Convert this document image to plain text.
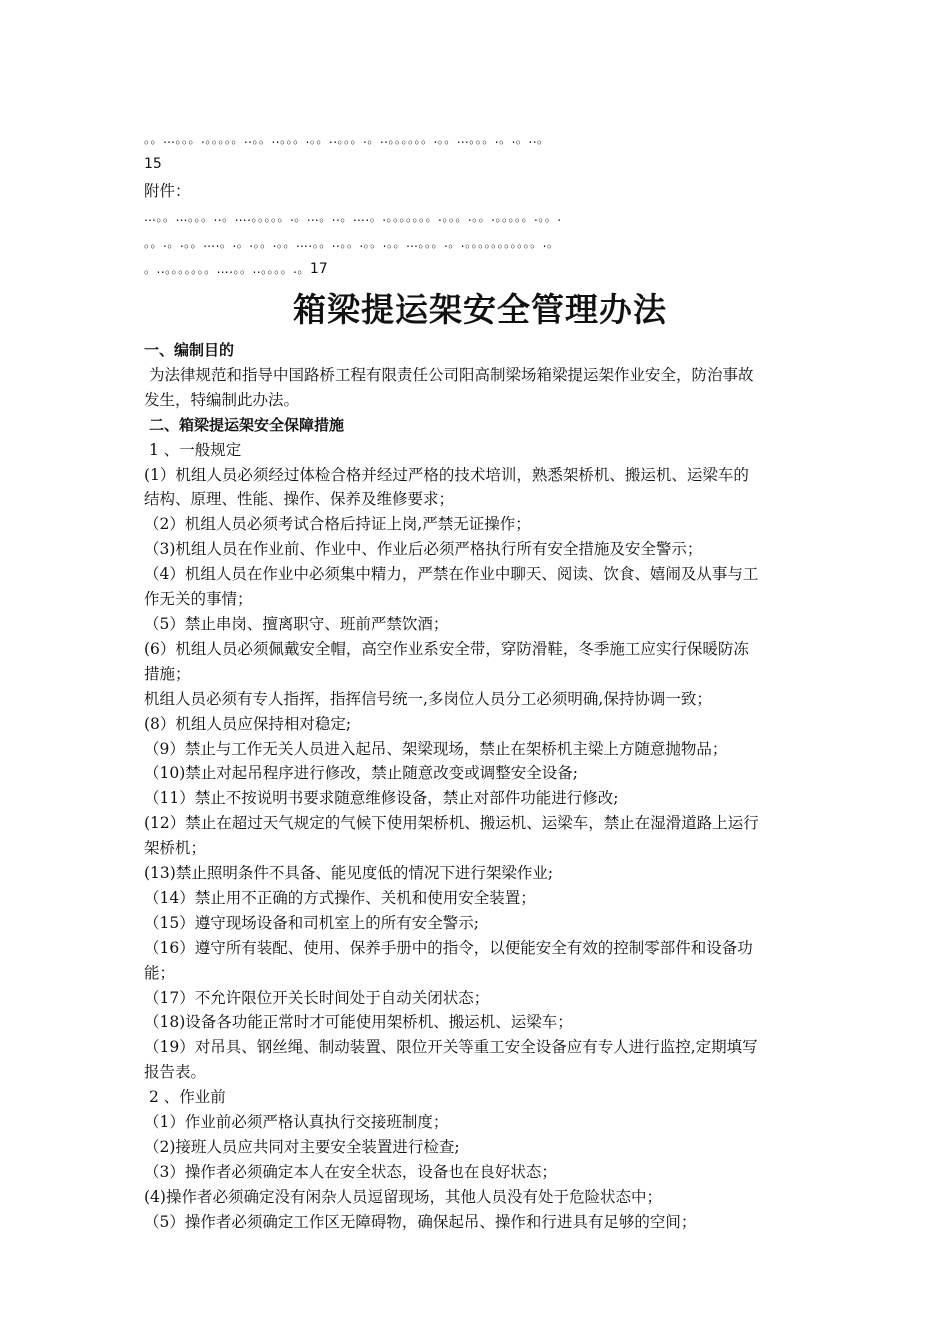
。。…。。。.。。。。。..。。..。。。.。。..。。。.。..。。。。。。.。。…。。。.。.。..。
15
附件：
…。。…。。。..。….。。。。。.。…。..。….。.。。。。。。。.。。。.。。.。。。。。.。。.
。。.。.。。….。.。.。。.。。….。。..。。.。。.。。…。。。.。.。。。。。。。。。。。.。
。..。。。。。。。….。。..。。。。.。17
箱梁提运架安全管理办法
一、编制目的
为法律规范和指导中国路桥工程有限责任公司阳高制梁场箱梁提运架作业安全，防治事故
发生，特编制此办法。
二、箱梁提运架安全保障措施
1 、一般规定
(1）机组人员必须经过体检合格并经过严格的技术培训，熟悉架桥机、搬运机、运梁车的
结构、原理、性能、操作、保养及维修要求；
（2）机组人员必须考试合格后持证上岗,严禁无证操作；
（3)机组人员在作业前、作业中、作业后必须严格执行所有安全措施及安全警示；
（4）机组人员在作业中必须集中精力，严禁在作业中聊天、阅读、饮食、嬉闹及从事与工
作无关的事情；
（5）禁止串岗、擅离职守、班前严禁饮酒；
(6）机组人员必须佩戴安全帽，高空作业系安全带，穿防滑鞋，冬季施工应实行保暖防冻
措施；
机组人员必须有专人指挥，指挥信号统一,多岗位人员分工必须明确,保持协调一致；
(8）机组人员应保持相对稳定;
（9）禁止与工作无关人员进入起吊、架梁现场，禁止在架桥机主梁上方随意抛物品；
（10)禁止对起吊程序进行修改，禁止随意改变或调整安全设备;
（11）禁止不按说明书要求随意维修设备，禁止对部件功能进行修改;
(12）禁止在超过天气规定的气候下使用架桥机、搬运机、运梁车，禁止在湿滑道路上运行
架桥机；
(13)禁止照明条件不具备、能见度低的情况下进行架梁作业;
（14）禁止用不正确的方式操作、关机和使用安全装置；
（15）遵守现场设备和司机室上的所有安全警示;
（16）遵守所有装配、使用、保养手册中的指令，以便能安全有效的控制零部件和设备功
能；
（17）不允许限位开关长时间处于自动关闭状态；
（18)设备各功能正常时才可能使用架桥机、搬运机、运梁车；
（19）对吊具、钢丝绳、制动装置、限位开关等重工安全设备应有专人进行监控,定期填写
报告表。
2 、作业前
（1）作业前必须严格认真执行交接班制度；
（2)接班人员应共同对主要安全装置进行检查;
（3）操作者必须确定本人在安全状态，设备也在良好状态；
(4)操作者必须确定没有闲杂人员逗留现场，其他人员没有处于危险状态中；
（5）操作者必须确定工作区无障碍物，确保起吊、操作和行进具有足够的空间；
